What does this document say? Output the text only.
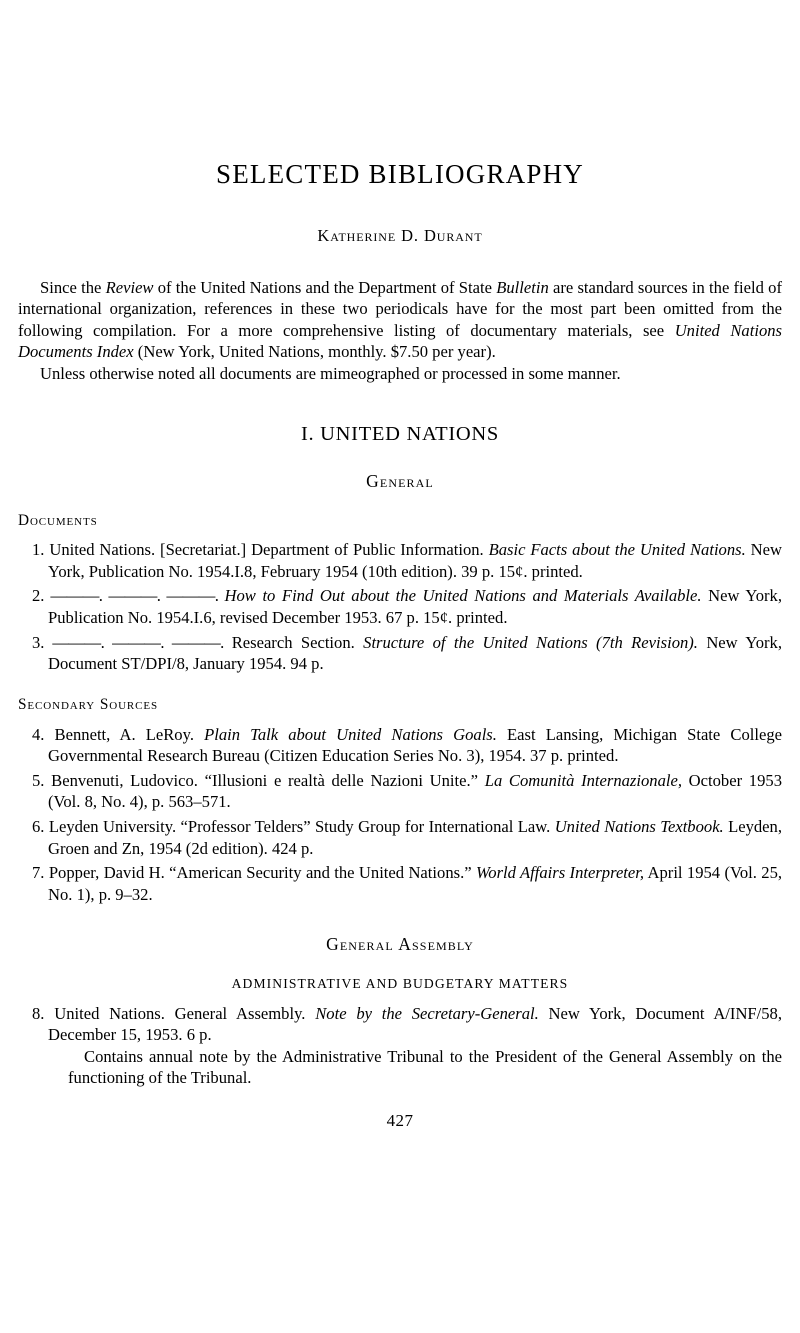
SELECTED BIBLIOGRAPHY
Katherine D. Durant

Since the Review of the United Nations and the Department of State Bulletin are standard sources in the field of international organization, references in these two periodicals have for the most part been omitted from the following compilation. For a more comprehensive listing of documentary materials, see United Nations Documents Index (New York, United Nations, monthly. $7.50 per year).

Unless otherwise noted all documents are mimeographed or processed in some manner.

I. UNITED NATIONS
General
Documents
1. United Nations. [Secretariat.] Department of Public Information. Basic Facts about the United Nations. New York, Publication No. 1954.I.8, February 1954 (10th edition). 39 p. 15¢. printed.
2. ———. ———. ———. How to Find Out about the United Nations and Materials Available. New York, Publication No. 1954.I.6, revised December 1953. 67 p. 15¢. printed.
3. ———. ———. ———. Research Section. Structure of the United Nations (7th Revision). New York, Document ST/DPI/8, January 1954. 94 p.
Secondary Sources
4. Bennett, A. LeRoy. Plain Talk about United Nations Goals. East Lansing, Michigan State College Governmental Research Bureau (Citizen Education Series No. 3), 1954. 37 p. printed.
5. Benvenuti, Ludovico. “Illusioni e realtà delle Nazioni Unite.” La Comunità Internazionale, October 1953 (Vol. 8, No. 4), p. 563–571.
6. Leyden University. “Professor Telders” Study Group for International Law. United Nations Textbook. Leyden, Groen and Zn, 1954 (2d edition). 424 p.
7. Popper, David H. “American Security and the United Nations.” World Affairs Interpreter, April 1954 (Vol. 25, No. 1), p. 9–32.
General Assembly
ADMINISTRATIVE AND BUDGETARY MATTERS
8. United Nations. General Assembly. Note by the Secretary-General. New York, Document A/INF/58, December 15, 1953. 6 p.

Contains annual note by the Administrative Tribunal to the President of the General Assembly on the functioning of the Tribunal.

427
